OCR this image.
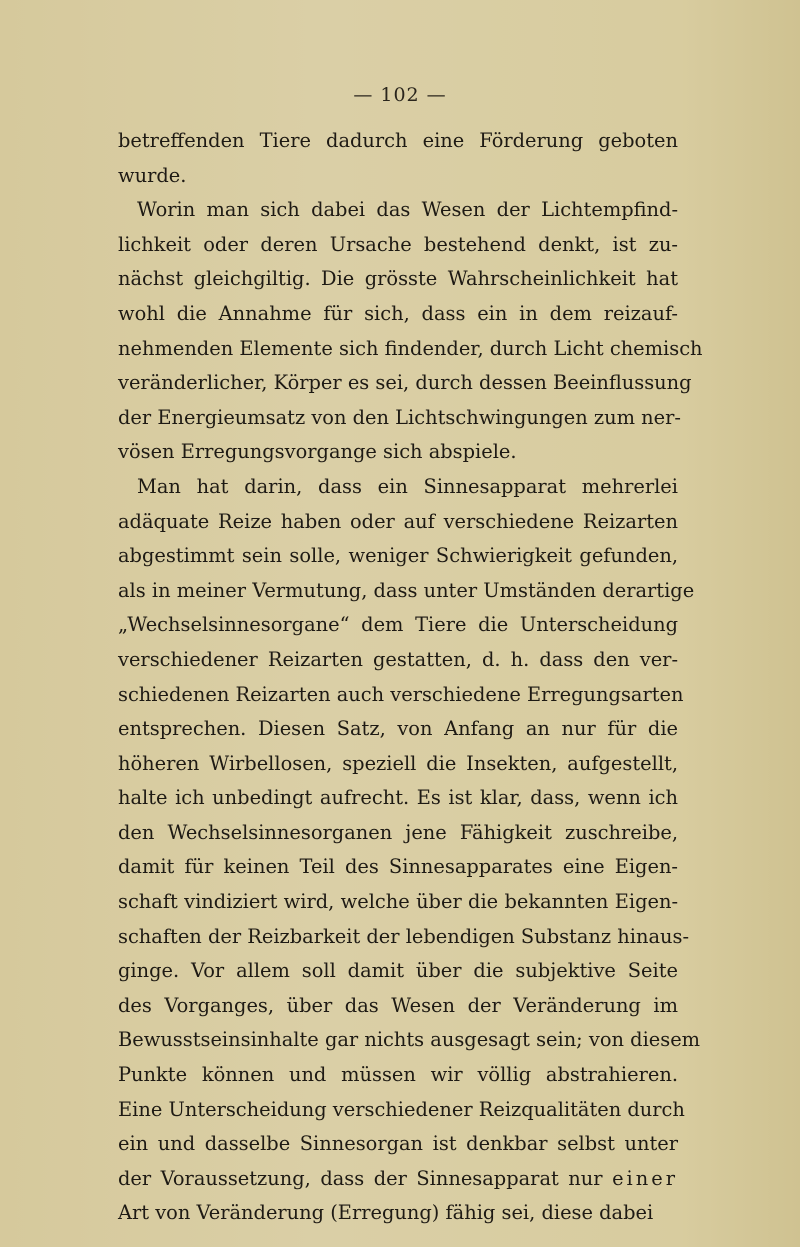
— 102 —
betreffenden Tiere dadurch eine Förderung geboten
wurde.
Worin man sich dabei das Wesen der Lichtempfind-
lichkeit oder deren Ursache bestehend denkt, ist zu-
nächst gleichgiltig. Die grösste Wahrscheinlichkeit hat
wohl die Annahme für sich, dass ein in dem reizauf-
nehmenden Elemente sich findender, durch Licht chemisch
veränderlicher, Körper es sei, durch dessen Beeinflussung
der Energieumsatz von den Lichtschwingungen zum ner-
vösen Erregungsvorgange sich abspiele.
Man hat darin, dass ein Sinnesapparat mehrerlei
adäquate Reize haben oder auf verschiedene Reizarten
abgestimmt sein solle, weniger Schwierigkeit gefunden,
als in meiner Vermutung, dass unter Umständen derartige
„Wechselsinnesorgane“ dem Tiere die Unterscheidung
verschiedener Reizarten gestatten, d. h. dass den ver-
schiedenen Reizarten auch verschiedene Erregungsarten
entsprechen. Diesen Satz, von Anfang an nur für die
höheren Wirbellosen, speziell die Insekten, aufgestellt,
halte ich unbedingt aufrecht. Es ist klar, dass, wenn ich
den Wechselsinnesorganen jene Fähigkeit zuschreibe,
damit für keinen Teil des Sinnesapparates eine Eigen-
schaft vindiziert wird, welche über die bekannten Eigen-
schaften der Reizbarkeit der lebendigen Substanz hinaus-
ginge. Vor allem soll damit über die subjektive Seite
des Vorganges, über das Wesen der Veränderung im
Bewusstseinsinhalte gar nichts ausgesagt sein; von diesem
Punkte können und müssen wir völlig abstrahieren.
Eine Unterscheidung verschiedener Reizqualitäten durch
ein und dasselbe Sinnesorgan ist denkbar selbst unter
der Voraussetzung, dass der Sinnesapparat nur einer
Art von Veränderung (Erregung) fähig sei, diese dabei
